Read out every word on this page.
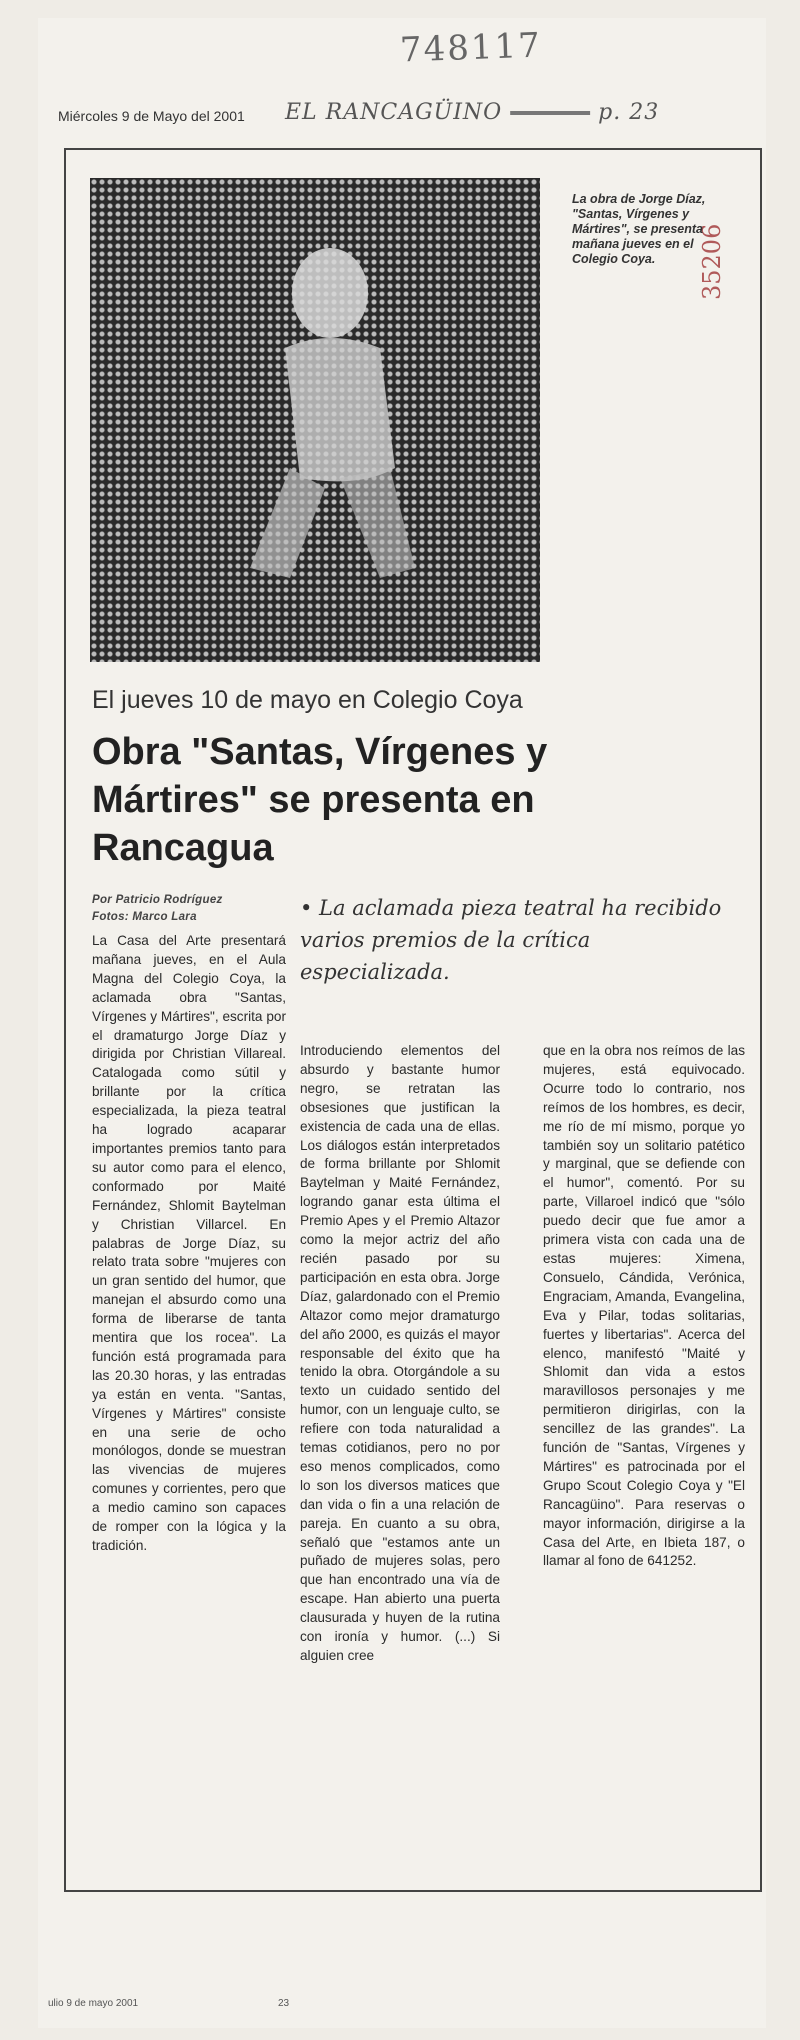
748117
Miércoles 9 de Mayo del 2001 EL RANCAGÜINO	p. 23
35206
La obra de Jorge Díaz, "Santas, Vírgenes y Mártires", se presenta mañana jueves en el Colegio Coya.
El jueves 10 de mayo en Colegio Coya
Obra "Santas, Vírgenes y Mártires" se presenta en Rancagua
Por Patricio Rodríguez
Fotos: Marco Lara	• La aclamada pieza teatral ha recibido varios premios de la crítica especializada.

La Casa del Arte presentará mañana jueves, en el Aula Magna del Colegio Coya, la aclamada obra "Santas, Vírgenes y Mártires", escrita por el dramaturgo Jorge Díaz y dirigida por Christian Villareal. Catalogada como sútil y brillante por la crítica especializada, la pieza teatral ha logrado acaparar importantes premios tanto para su autor como para el elenco, conformado por Maité Fernández, Shlomit Baytelman y Christian Villarcel. En palabras de Jorge Díaz, su relato trata sobre "mujeres con un gran sentido del humor, que manejan el absurdo como una forma de liberarse de tanta mentira que los rocea". La función está programada para las 20.30 horas, y las entradas ya están en venta. "Santas, Vírgenes y Mártires" consiste en una serie de ocho monólogos, donde se muestran las vivencias de mujeres comunes y corrientes, pero que a medio camino son capaces de romper con la lógica y la tradición.

Introduciendo elementos del absurdo y bastante humor negro, se retratan las obsesiones que justifican la existencia de cada una de ellas. Los diálogos están interpretados de forma brillante por Shlomit Baytelman y Maité Fernández, logrando ganar esta última el Premio Apes y el Premio Altazor como la mejor actriz del año recién pasado por su participación en esta obra. Jorge Díaz, galardonado con el Premio Altazor como mejor dramaturgo del año 2000, es quizás el mayor responsable del éxito que ha tenido la obra. Otorgándole a su texto un cuidado sentido del humor, con un lenguaje culto, se refiere con toda naturalidad a temas cotidianos, pero no por eso menos complicados, como lo son los diversos matices que dan vida o fin a una relación de pareja. En cuanto a su obra, señaló que "estamos ante un puñado de mujeres solas, pero que han encontrado una vía de escape. Han abierto una puerta clausurada y huyen de la rutina con ironía y humor. (...) Si alguien cree

que en la obra nos reímos de las mujeres, está equivocado. Ocurre todo lo contrario, nos reímos de los hombres, es decir, me río de mí mismo, porque yo también soy un solitario patético y marginal, que se defiende con el humor", comentó. Por su parte, Villaroel indicó que "sólo puedo decir que fue amor a primera vista con cada una de estas mujeres: Ximena, Consuelo, Cándida, Verónica, Engraciam, Amanda, Evangelina, Eva y Pilar, todas solitarias, fuertes y libertarias". Acerca del elenco, manifestó "Maité y Shlomit dan vida a estos maravillosos personajes y me permitieron dirigirlas, con la sencillez de las grandes". La función de "Santas, Vírgenes y Mártires" es patrocinada por el Grupo Scout Colegio Coya y "El Rancagüino". Para reservas o mayor información, dirigirse a la Casa del Arte, en Ibieta 187, o llamar al fono de 641252.

ulio 9 de mayo 2001	23
